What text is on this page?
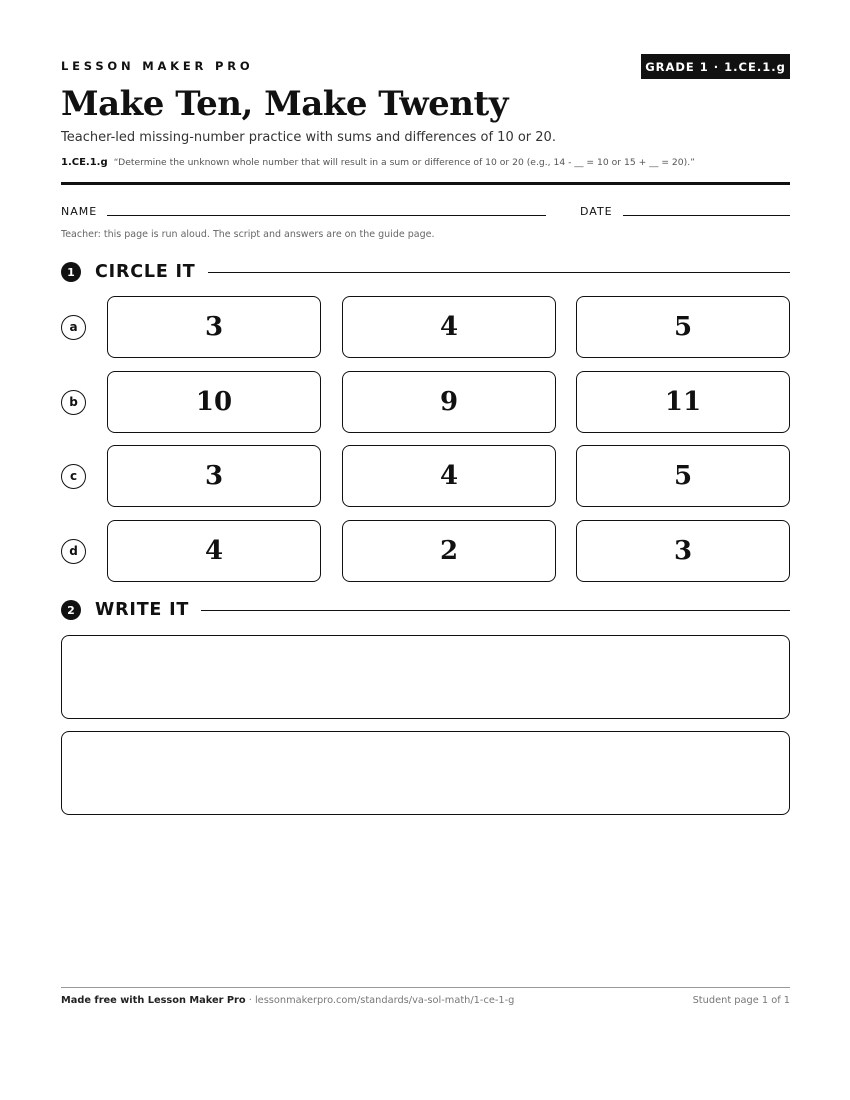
LESSON MAKER PRO	GRADE 1 · 1.CE.1.g
Make Ten, Make Twenty
Teacher-led missing-number practice with sums and differences of 10 or 20.
1.CE.1.g “Determine the unknown whole number that will result in a sum or difference of 10 or 20 (e.g., 14 - __ = 10 or 15 + __ = 20).”
NAME	DATE
Teacher: this page is run aloud. The script and answers are on the guide page.
1	CIRCLE IT
a	3	4	5
b	10	9	11
c	3	4	5
d	4	2	3
2	WRITE IT
Made free with Lesson Maker Pro · lessonmakerpro.com/standards/va-sol-math/1-ce-1-g	Student page 1 of 1
